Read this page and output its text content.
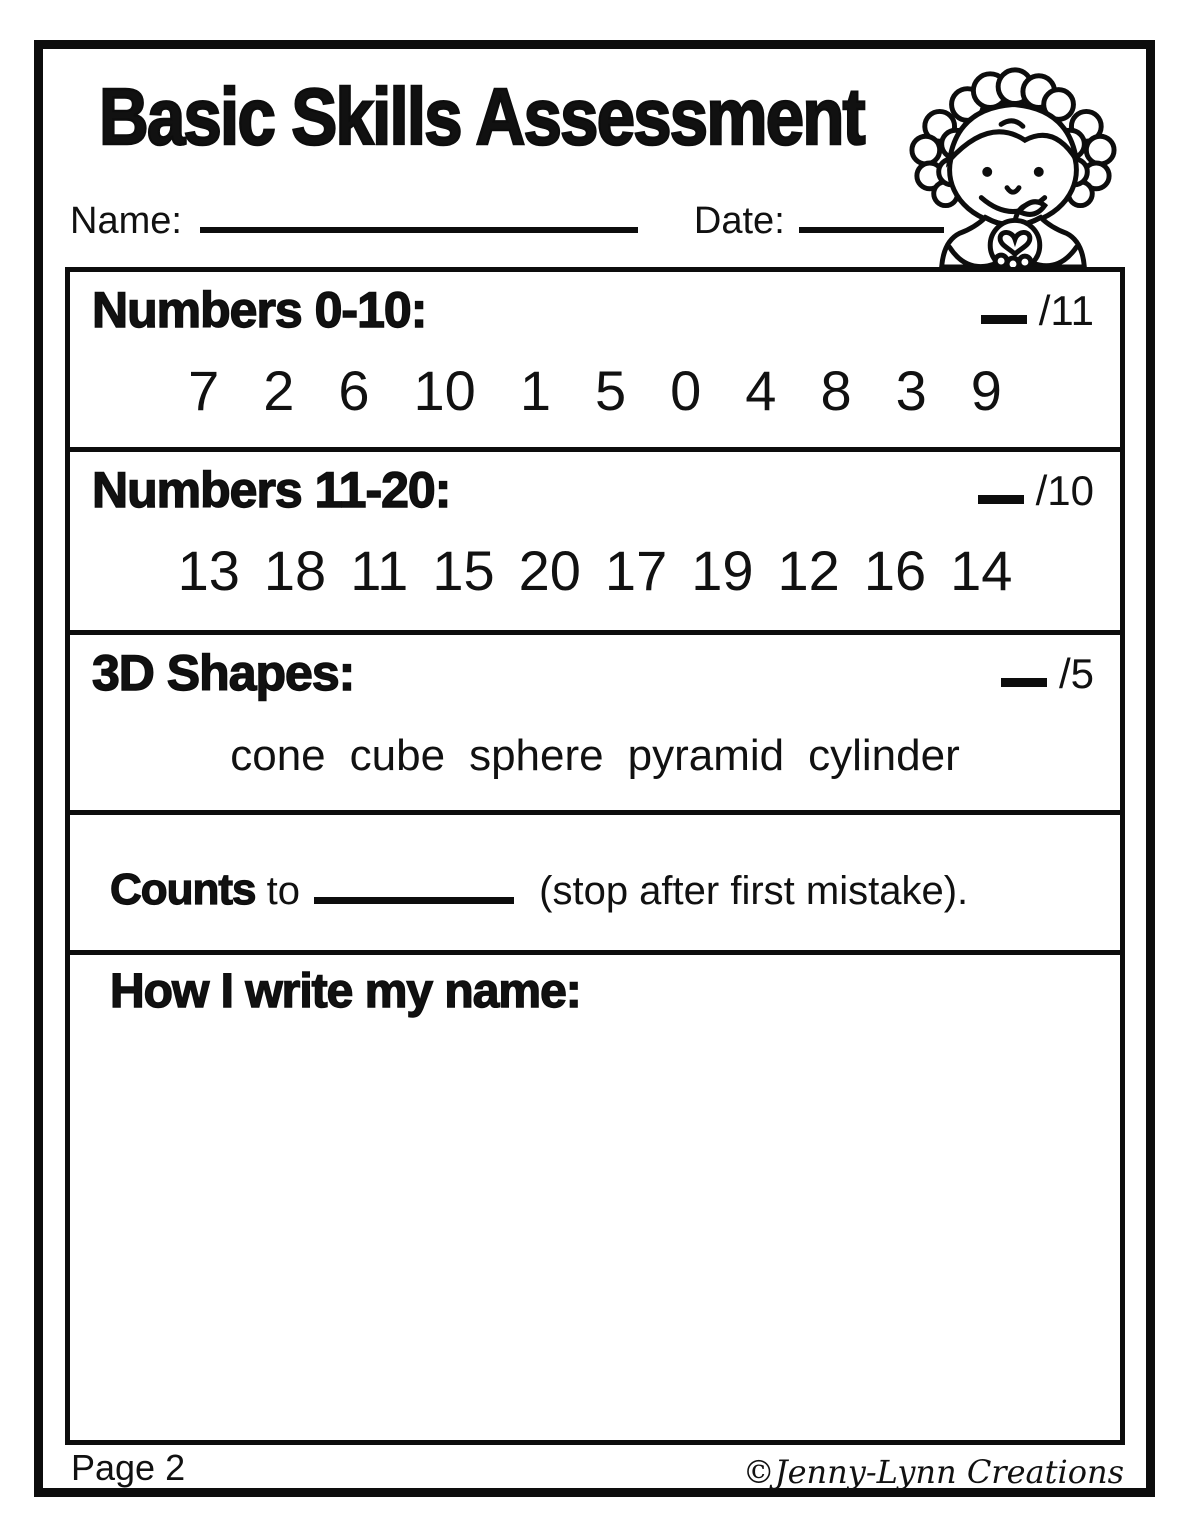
Basic Skills Assessment
Name:	Date:
Numbers 0-10:	/11
7 2 6 10 1 5 0 4 8 3 9
Numbers 11-20:	/10
13 18 11 15 20 17 19 12 16 14
3D Shapes:	/5
cone cube sphere pyramid cylinder
Counts to	(stop after first mistake).
How I write my name:
Page 2	©Jenny-Lynn Creations
